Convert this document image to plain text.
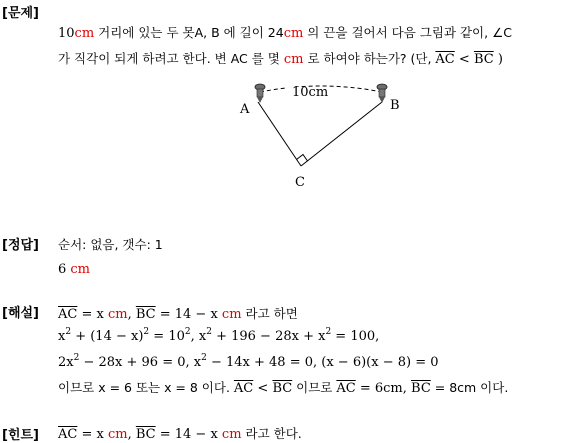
[문제]
10cm 거리에 있는 두 못A, B 에 길이 24cm 의 끈을 걸어서 다음 그림과 같이, ∠C
가 직각이 되게 하려고 한다. 변 AC 를 몇 cm 로 하여야 하는가? (단, $\overline{AC} < \overline{BC}$ )
10cm
A	B
C
[정답] 순서: 없음, 갯수: 1
6 cm
[해설] $\overline{AC} = x$ cm, $\overline{BC} = 14 - x$ cm 라고 하면
$x^2 + (14 - x)^2 = 10^2$, $x^2 + 196 - 28x + x^2 = 100$,
$2x^2 - 28x + 96 = 0$, $x^2 - 14x + 48 = 0$, (x − 6)(x − 8) = 0
이므로 x = 6 또는 x = 8 이다. $\overline{AC} < \overline{BC}$ 이므로 $\overline{AC} = 6cm$, $\overline{BC} = 8cm$ 이다.
[힌트] $\overline{AC} = x$ cm, $\overline{BC} = 14 - x$ cm 라고 한다.
